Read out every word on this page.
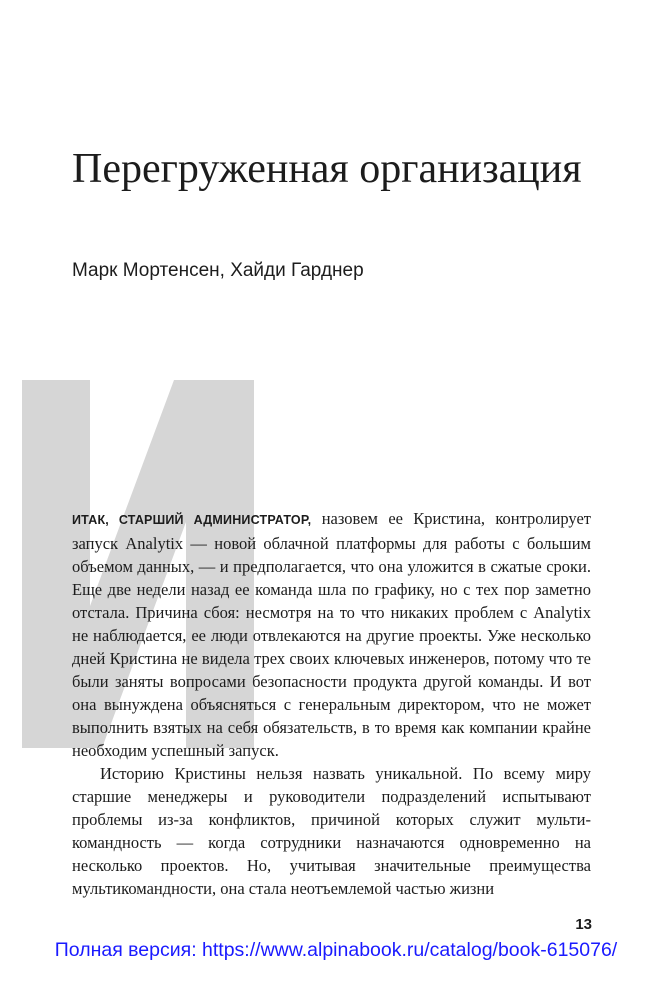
Перегруженная организация

Марк Мортенсен, Хайди Гарднер

ИТАК, СТАРШИЙ АДМИНИСТРАТОР, назовем ее Кристина, контролирует запуск Analytix — новой облачной платформы для работы с большим объемом данных, — и предполагается, что она уложится в сжатые сроки. Еще две недели назад ее команда шла по графику, но с тех пор заметно отстала. Причина сбоя: несмотря на то что никаких проблем с Analytix не наблюдается, ее люди отвлекаются на другие проекты. Уже несколько дней Кристина не видела трех своих ключевых инженеров, потому что те были заняты вопросами безопасности продукта другой команды. И вот она вынуждена объясняться с генеральным директором, что не может выполнить взятых на себя обязательств, в то время как компании крайне необходим успешный запуск.

Историю Кристины нельзя назвать уникальной. По всему миру старшие менеджеры и руководители подразделений испытывают проблемы из-за конфликтов, причиной которых служит мультикомандность — когда сотрудники назначаются одновременно на несколько проектов. Но, учитывая значительные преимущества мультикомандности, она стала неотъемлемой частью жизни

13
Полная версия: https://www.alpinabook.ru/catalog/book-615076/
